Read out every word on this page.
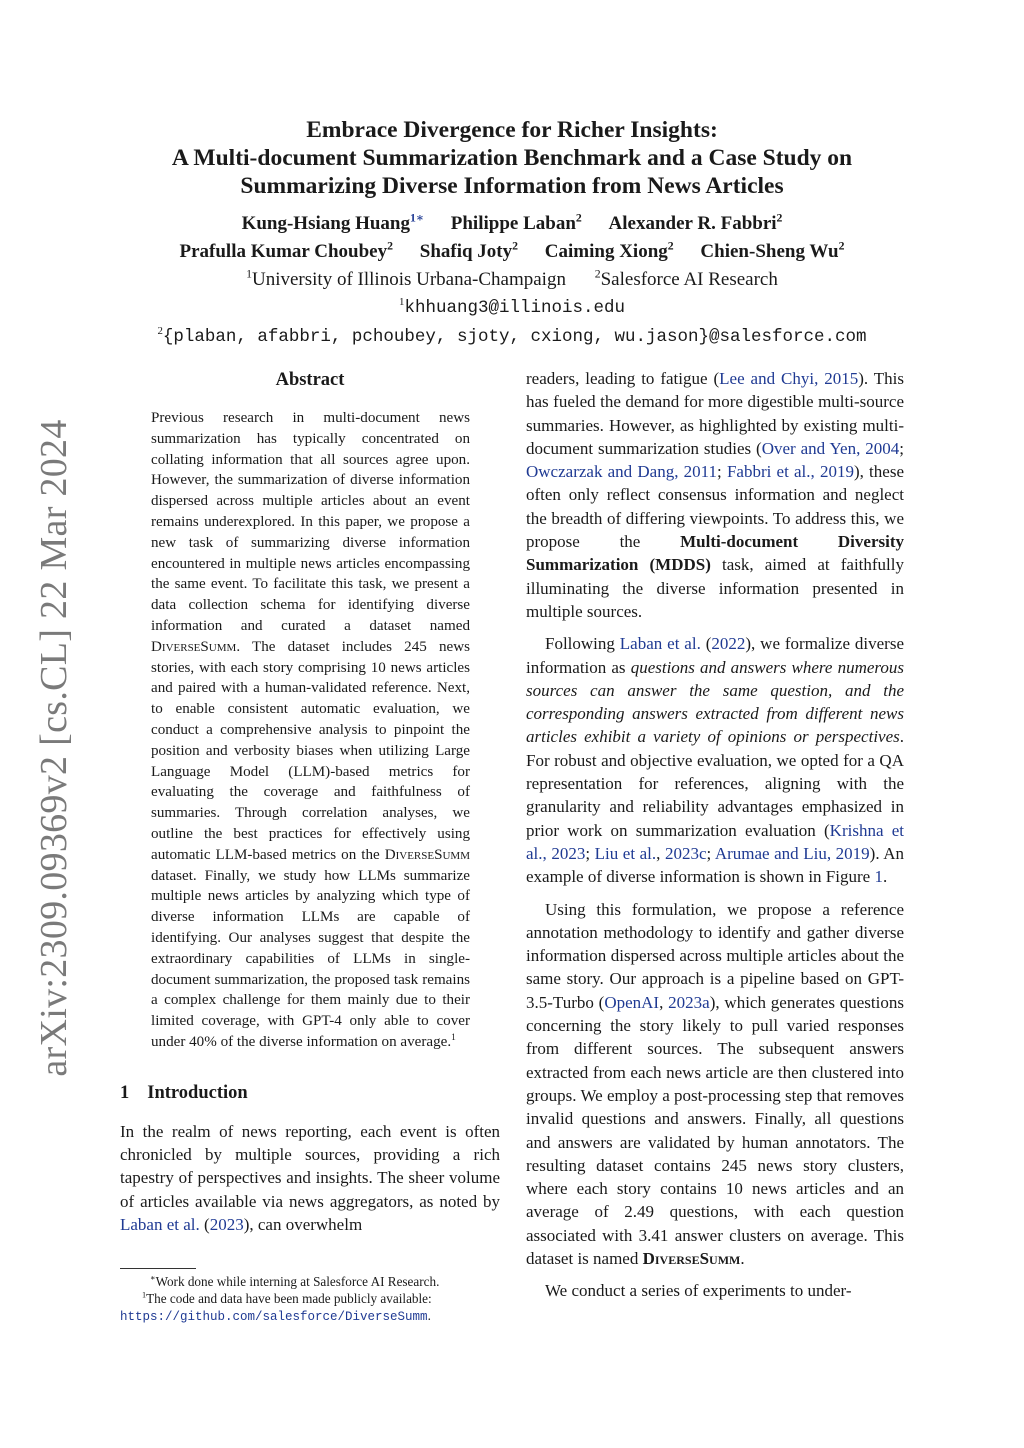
arXiv:2309.09369v2 [cs.CL] 22 Mar 2024
Embrace Divergence for Richer Insights:
A Multi-document Summarization Benchmark and a Case Study on
Summarizing Diverse Information from News Articles
Kung-Hsiang Huang$^{1∗}$ Philippe Laban$^2$ Alexander R. Fabbri$^2$
Prafulla Kumar Choubey$^2$ Shafiq Joty$^2$ Caiming Xiong$^2$ Chien-Sheng Wu$^2$
$^1$University of Illinois Urbana-Champaign $^2$Salesforce AI Research
$^1$khhuang3@illinois.edu
$^2${plaban, afabbri, pchoubey, sjoty, cxiong, wu.jason}@salesforce.com
Abstract
Previous research in multi-document news summarization has typically concentrated on collating information that all sources agree upon. However, the summarization of diverse information dispersed across multiple articles about an event remains underexplored. In this paper, we propose a new task of summarizing diverse information encountered in multiple news articles encompassing the same event. To facilitate this task, we present a data collection schema for identifying diverse information and curated a dataset named DiverseSumm. The dataset includes 245 news stories, with each story comprising 10 news articles and paired with a human-validated reference. Next, to enable consistent automatic evaluation, we conduct a comprehensive analysis to pinpoint the position and verbosity biases when utilizing Large Language Model (LLM)-based metrics for evaluating the coverage and faithfulness of summaries. Through correlation analyses, we outline the best practices for effectively using automatic LLM-based metrics on the DiverseSumm dataset. Finally, we study how LLMs summarize multiple news articles by analyzing which type of diverse information LLMs are capable of identifying. Our analyses suggest that despite the extraordinary capabilities of LLMs in single-document summarization, the proposed task remains a complex challenge for them mainly due to their limited coverage, with GPT-4 only able to cover under 40% of the diverse information on average.$^1$
1 Introduction
In the realm of news reporting, each event is often chronicled by multiple sources, providing a rich tapestry of perspectives and insights. The sheer volume of articles available via news aggregators, as noted by Laban et al. (2023), can overwhelm
∗Work done while interning at Salesforce AI Research.
$^1$The code and data have been made publicly available:
https://github.com/salesforce/DiverseSumm.

readers, leading to fatigue (Lee and Chyi, 2015). This has fueled the demand for more digestible multi-source summaries. However, as highlighted by existing multi-document summarization studies (Over and Yen, 2004; Owczarzak and Dang, 2011; Fabbri et al., 2019), these often only reflect consensus information and neglect the breadth of differing viewpoints. To address this, we propose the Multi-document Diversity Summarization (MDDS) task, aimed at faithfully illuminating the diverse information presented in multiple sources.

Following Laban et al. (2022), we formalize diverse information as questions and answers where numerous sources can answer the same question, and the corresponding answers extracted from different news articles exhibit a variety of opinions or perspectives. For robust and objective evaluation, we opted for a QA representation for references, aligning with the granularity and reliability advantages emphasized in prior work on summarization evaluation (Krishna et al., 2023; Liu et al., 2023c; Arumae and Liu, 2019). An example of diverse information is shown in Figure 1.

Using this formulation, we propose a reference annotation methodology to identify and gather diverse information dispersed across multiple articles about the same story. Our approach is a pipeline based on GPT-3.5-Turbo (OpenAI, 2023a), which generates questions concerning the story likely to pull varied responses from different sources. The subsequent answers extracted from each news article are then clustered into groups. We employ a post-processing step that removes invalid questions and answers. Finally, all questions and answers are validated by human annotators. The resulting dataset contains 245 news story clusters, where each story contains 10 news articles and an average of 2.49 questions, with each question associated with 3.41 answer clusters on average. This dataset is named DiverseSumm.

We conduct a series of experiments to under-
